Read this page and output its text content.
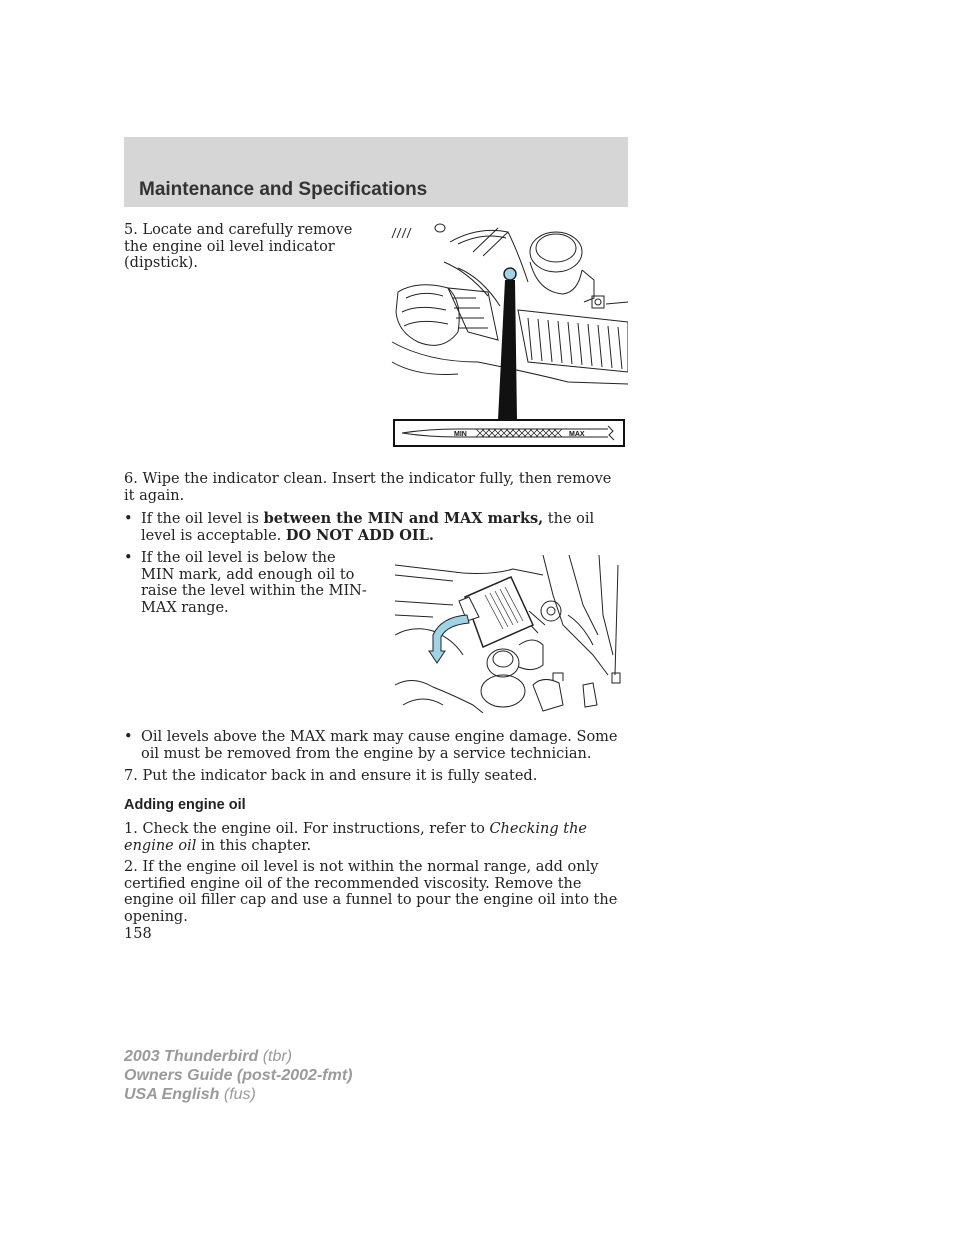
Maintenance and Specifications
5. Locate and carefully remove the engine oil level indicator (dipstick).
MIN	MAX
6. Wipe the indicator clean. Insert the indicator fully, then remove it again.
• If the oil level is between the MIN and MAX marks, the oil level is acceptable. DO NOT ADD OIL.
• If the oil level is below the MIN mark, add enough oil to raise the level within the MIN-MAX range.
• Oil levels above the MAX mark may cause engine damage. Some oil must be removed from the engine by a service technician.
7. Put the indicator back in and ensure it is fully seated.
Adding engine oil
1. Check the engine oil. For instructions, refer to Checking the engine oil in this chapter.
2. If the engine oil level is not within the normal range, add only certified engine oil of the recommended viscosity. Remove the engine oil filler cap and use a funnel to pour the engine oil into the opening.
158
2003 Thunderbird (tbr)
Owners Guide (post-2002-fmt)
USA English (fus)
